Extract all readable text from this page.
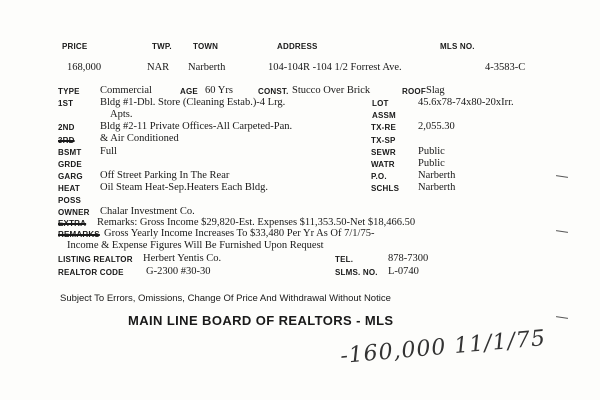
PRICE	TWP.	TOWN	ADDRESS	MLS NO.
168,000	NAR Narberth	104-104R -104 1/2 Forrest Ave.	4-3583-C
TYPE Commercial	AGE 60 Yrs	CONST. Stucco Over Brick	ROOF Slag
1ST	Bldg #1-Dbl. Store (Cleaning Estab.)-4 Lrg.
Apts.
LOT	45.6x78-74x80-20xIrr.
ASSM
2ND Bldg #2-11 Private Offices-All Carpeted-Pan.
& Air Conditioned
TX-RE 2,055.30
3RD	TX-SP
BSMT Full	SEWR Public
GRDE	WATR Public
GARG Off Street Parking In The Rear	P.O.	Narberth
HEAT Oil Steam Heat-Sep.Heaters Each Bldg.	SCHLS Narberth
POSS
OWNER Chalar Investment Co.
EXTRA Remarks: Gross Income $29,820-Est. Expenses $11,353.50-Net $18,466.50
REMARKS Gross Yearly Income Increases To $33,480 Per Yr As Of 7/1/75-
Income & Expense Figures Will Be Furnished Upon Request
LISTING REALTOR Herbert Yentis Co.	TEL.	878-7300
REALTOR CODE G-2300 #30-30	SLMS. NO. L-0740
Subject To Errors, Omissions, Change Of Price And Withdrawal Without Notice
MAIN LINE BOARD OF REALTORS - MLS
-160,000 11/1/75
